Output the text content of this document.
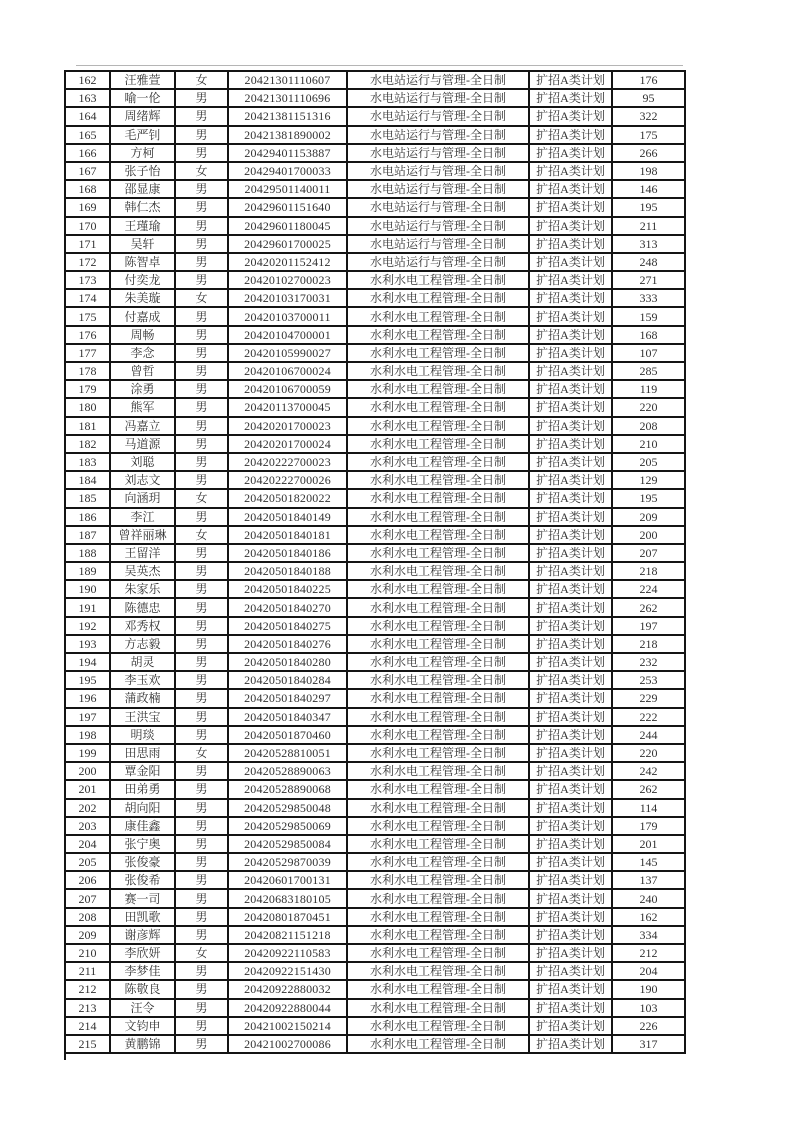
162	汪雅萱	女	20421301110607	水电站运行与管理-全日制	扩招A类计划	176
163	喻一伦	男	20421301110696	水电站运行与管理-全日制	扩招A类计划	95
164	周绪辉	男	20421381151316	水电站运行与管理-全日制	扩招A类计划	322
165	毛严钊	男	20421381890002	水电站运行与管理-全日制	扩招A类计划	175
166	方柯	男	20429401153887	水电站运行与管理-全日制	扩招A类计划	266
167	张子怡	女	20429401700033	水电站运行与管理-全日制	扩招A类计划	198
168	邵显康	男	20429501140011	水电站运行与管理-全日制	扩招A类计划	146
169	韩仁杰	男	20429601151640	水电站运行与管理-全日制	扩招A类计划	195
170	王瑾瑜	男	20429601180045	水电站运行与管理-全日制	扩招A类计划	211
171	吴轩	男	20429601700025	水电站运行与管理-全日制	扩招A类计划	313
172	陈智卓	男	20420201152412	水电站运行与管理-全日制	扩招A类计划	248
173	付奕龙	男	20420102700023	水利水电工程管理-全日制	扩招A类计划	271
174	朱美璇	女	20420103170031	水利水电工程管理-全日制	扩招A类计划	333
175	付嘉成	男	20420103700011	水利水电工程管理-全日制	扩招A类计划	159
176	周畅	男	20420104700001	水利水电工程管理-全日制	扩招A类计划	168
177	李念	男	20420105990027	水利水电工程管理-全日制	扩招A类计划	107
178	曾哲	男	20420106700024	水利水电工程管理-全日制	扩招A类计划	285
179	涂勇	男	20420106700059	水利水电工程管理-全日制	扩招A类计划	119
180	熊军	男	20420113700045	水利水电工程管理-全日制	扩招A类计划	220
181	冯嘉立	男	20420201700023	水利水电工程管理-全日制	扩招A类计划	208
182	马道源	男	20420201700024	水利水电工程管理-全日制	扩招A类计划	210
183	刘聪	男	20420222700023	水利水电工程管理-全日制	扩招A类计划	205
184	刘志文	男	20420222700026	水利水电工程管理-全日制	扩招A类计划	129
185	向涵玥	女	20420501820022	水利水电工程管理-全日制	扩招A类计划	195
186	李江	男	20420501840149	水利水电工程管理-全日制	扩招A类计划	209
187	曾祥丽琳	女	20420501840181	水利水电工程管理-全日制	扩招A类计划	200
188	王留洋	男	20420501840186	水利水电工程管理-全日制	扩招A类计划	207
189	吴英杰	男	20420501840188	水利水电工程管理-全日制	扩招A类计划	218
190	朱家乐	男	20420501840225	水利水电工程管理-全日制	扩招A类计划	224
191	陈德忠	男	20420501840270	水利水电工程管理-全日制	扩招A类计划	262
192	邓秀权	男	20420501840275	水利水电工程管理-全日制	扩招A类计划	197
193	方志毅	男	20420501840276	水利水电工程管理-全日制	扩招A类计划	218
194	胡灵	男	20420501840280	水利水电工程管理-全日制	扩招A类计划	232
195	李玉欢	男	20420501840284	水利水电工程管理-全日制	扩招A类计划	253
196	蒲政楠	男	20420501840297	水利水电工程管理-全日制	扩招A类计划	229
197	王洪宝	男	20420501840347	水利水电工程管理-全日制	扩招A类计划	222
198	明琰	男	20420501870460	水利水电工程管理-全日制	扩招A类计划	244
199	田思雨	女	20420528810051	水利水电工程管理-全日制	扩招A类计划	220
200	覃金阳	男	20420528890063	水利水电工程管理-全日制	扩招A类计划	242
201	田弟勇	男	20420528890068	水利水电工程管理-全日制	扩招A类计划	262
202	胡向阳	男	20420529850048	水利水电工程管理-全日制	扩招A类计划	114
203	康佳鑫	男	20420529850069	水利水电工程管理-全日制	扩招A类计划	179
204	张宁奥	男	20420529850084	水利水电工程管理-全日制	扩招A类计划	201
205	张俊豪	男	20420529870039	水利水电工程管理-全日制	扩招A类计划	145
206	张俊希	男	20420601700131	水利水电工程管理-全日制	扩招A类计划	137
207	赛一司	男	20420683180105	水利水电工程管理-全日制	扩招A类计划	240
208	田凯歌	男	20420801870451	水利水电工程管理-全日制	扩招A类计划	162
209	谢彦辉	男	20420821151218	水利水电工程管理-全日制	扩招A类计划	334
210	李欣妍	女	20420922110583	水利水电工程管理-全日制	扩招A类计划	212
211	李梦佳	男	20420922151430	水利水电工程管理-全日制	扩招A类计划	204
212	陈敬良	男	20420922880032	水利水电工程管理-全日制	扩招A类计划	190
213	汪令	男	20420922880044	水利水电工程管理-全日制	扩招A类计划	103
214	文钧申	男	20421002150214	水利水电工程管理-全日制	扩招A类计划	226
215	黄鹏锦	男	20421002700086	水利水电工程管理-全日制	扩招A类计划	317
